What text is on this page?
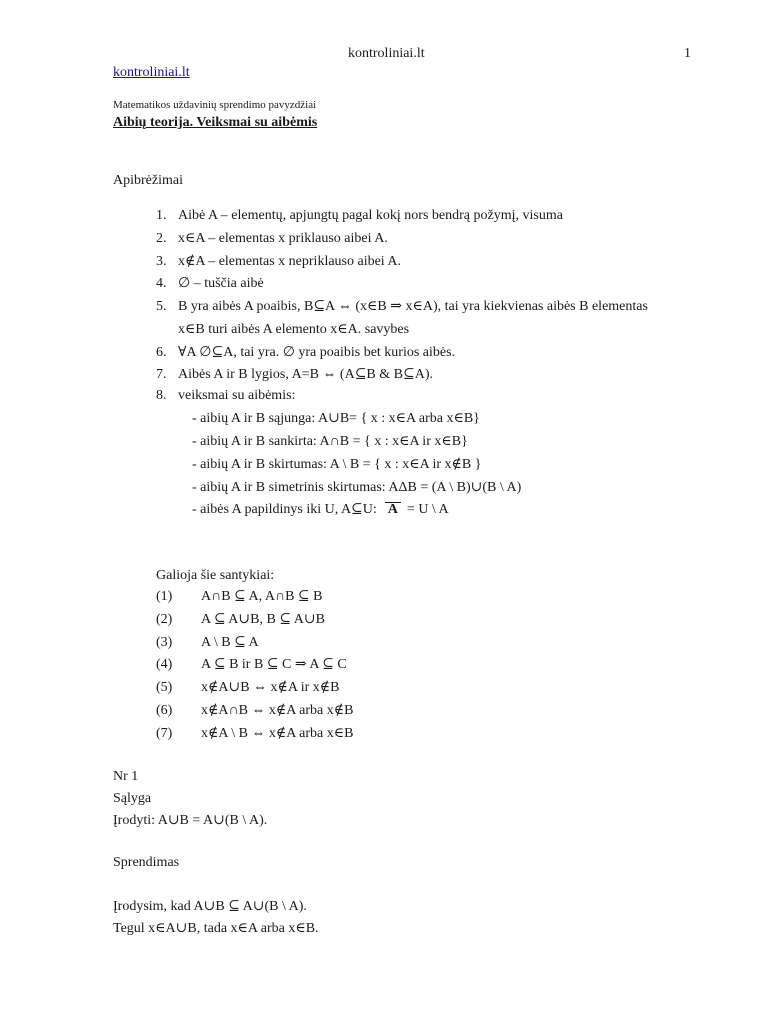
kontroliniai.lt	1
kontroliniai.lt
Matematikos uždavinių sprendimo pavyzdžiai
Aibių teorija. Veiksmai su aibėmis
Apibrėžimai
1. Aibė A – elementų, apjungtų pagal kokį nors bendrą požymį, visuma
2. x∈A – elementas x priklauso aibei A.
3. x∉A – elementas x nepriklauso aibei A.
4. ∅ – tuščia aibė
5. B yra aibės A poaibis, B⊆A ⇔ (x∈B ⇒ x∈A), tai yra kiekvienas aibės B elementas
x∈B turi aibės A elemento x∈A. savybes
6. ∀A ∅⊆A, tai yra. ∅ yra poaibis bet kurios aibės.
7. Aibės A ir B lygios, A=B ⇔ (A⊆B & B⊆A).
8. veiksmai su aibėmis:
- aibių A ir B sąjunga: A∪B= { x : x∈A arba x∈B}
- aibių A ir B sankirta: A∩B = { x : x∈A ir x∈B}
- aibių A ir B skirtumas: A \ B = { x : x∈A ir x∉B }
- aibių A ir B simetrinis skirtumas: AΔB = (A \ B)∪(B \ A)
- aibės A papildinys iki U, A⊆U: A = U \ A
Galioja šie santykiai:
(1) A∩B ⊆ A, A∩B ⊆ B
(2) A ⊆ A∪B, B ⊆ A∪B
(3) A \ B ⊆ A
(4) A ⊆ B ir B ⊆ C ⇒ A ⊆ C
(5) x∉A∪B ⇔ x∉A ir x∉B
(6) x∉A∩B ⇔ x∉A arba x∉B
(7) x∉A \ B ⇔ x∉A arba x∈B
Nr 1
Sąlyga
Įrodyti: A∪B = A∪(B \ A).
Sprendimas
Įrodysim, kad A∪B ⊆ A∪(B \ A).
Tegul x∈A∪B, tada x∈A arba x∈B.
